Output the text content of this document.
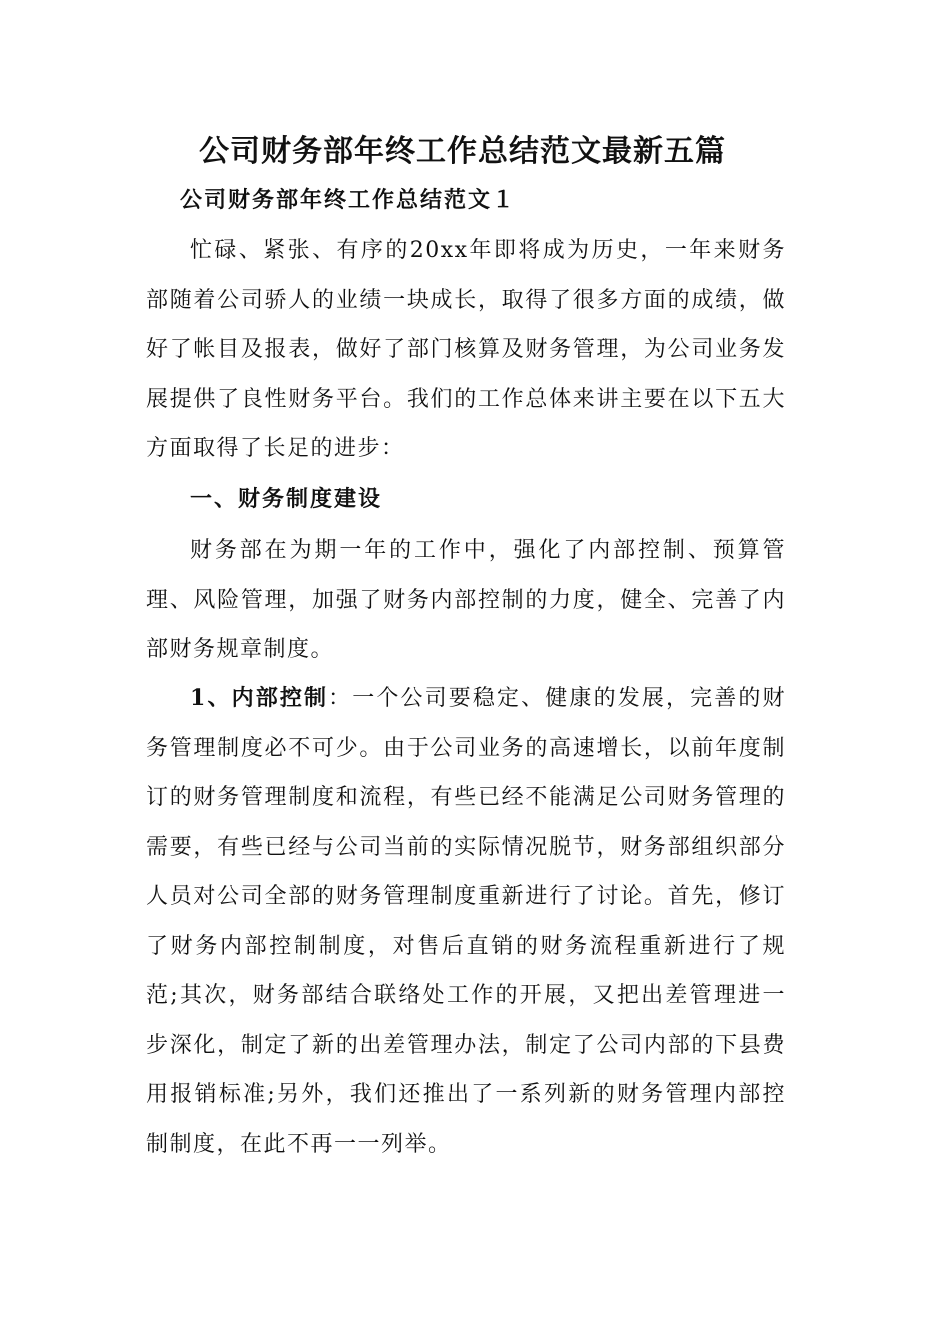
公司财务部年终工作总结范文最新五篇
公司财务部年终工作总结范文１

忙碌、紧张、有序的20xx年即将成为历史，一年来财务部随着公司骄人的业绩一块成长，取得了很多方面的成绩，做好了帐目及报表，做好了部门核算及财务管理，为公司业务发展提供了良性财务平台。我们的工作总体来讲主要在以下五大方面取得了长足的进步：

一、财务制度建设

财务部在为期一年的工作中，强化了内部控制、预算管理、风险管理，加强了财务内部控制的力度，健全、完善了内部财务规章制度。

1、内部控制：一个公司要稳定、健康的发展，完善的财务管理制度必不可少。由于公司业务的高速增长，以前年度制订的财务管理制度和流程，有些已经不能满足公司财务管理的需要，有些已经与公司当前的实际情况脱节，财务部组织部分人员对公司全部的财务管理制度重新进行了讨论。首先，修订了财务内部控制制度，对售后直销的财务流程重新进行了规范;其次，财务部结合联络处工作的开展，又把出差管理进一步深化，制定了新的出差管理办法，制定了公司内部的下县费用报销标准;另外，我们还推出了一系列新的财务管理内部控制制度，在此不再一一列举。
